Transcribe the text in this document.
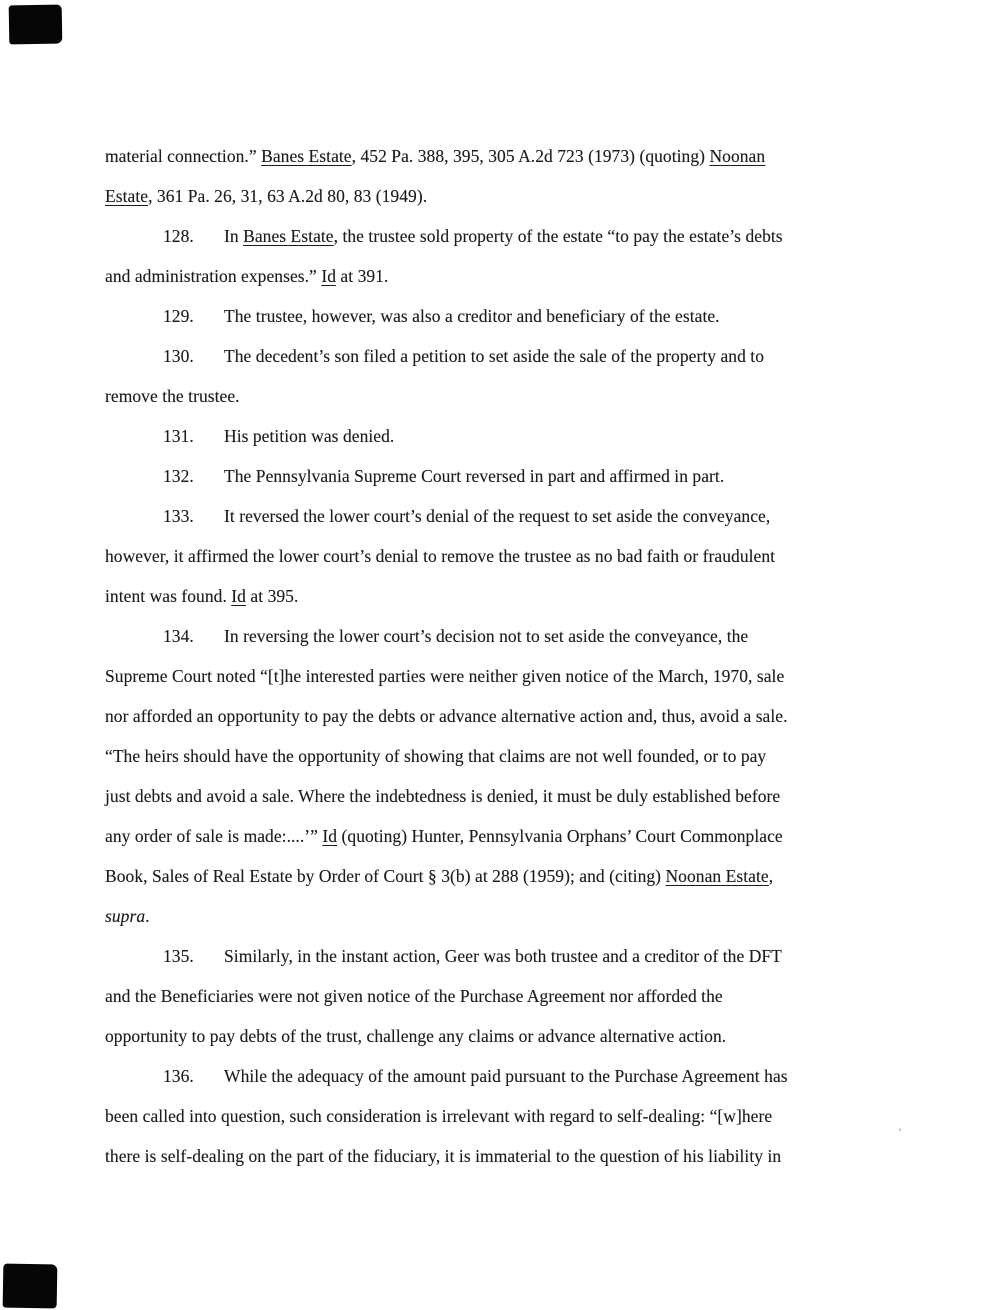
material connection.” Banes Estate, 452 Pa. 388, 395, 305 A.2d 723 (1973) (quoting) Noonan
Estate, 361 Pa. 26, 31, 63 A.2d 80, 83 (1949).
128. In Banes Estate, the trustee sold property of the estate “to pay the estate’s debts
and administration expenses.” Id at 391.
129. The trustee, however, was also a creditor and beneficiary of the estate.
130. The decedent’s son filed a petition to set aside the sale of the property and to
remove the trustee.
131. His petition was denied.
132. The Pennsylvania Supreme Court reversed in part and affirmed in part.
133. It reversed the lower court’s denial of the request to set aside the conveyance,
however, it affirmed the lower court’s denial to remove the trustee as no bad faith or fraudulent
intent was found. Id at 395.
134. In reversing the lower court’s decision not to set aside the conveyance, the
Supreme Court noted “[t]he interested parties were neither given notice of the March, 1970, sale
nor afforded an opportunity to pay the debts or advance alternative action and, thus, avoid a sale.
“The heirs should have the opportunity of showing that claims are not well founded, or to pay
just debts and avoid a sale. Where the indebtedness is denied, it must be duly established before
any order of sale is made:....’” Id (quoting) Hunter, Pennsylvania Orphans’ Court Commonplace
Book, Sales of Real Estate by Order of Court § 3(b) at 288 (1959); and (citing) Noonan Estate,
supra.
135. Similarly, in the instant action, Geer was both trustee and a creditor of the DFT
and the Beneficiaries were not given notice of the Purchase Agreement nor afforded the
opportunity to pay debts of the trust, challenge any claims or advance alternative action.
136. While the adequacy of the amount paid pursuant to the Purchase Agreement has
been called into question, such consideration is irrelevant with regard to self-dealing: “[w]here
there is self-dealing on the part of the fiduciary, it is immaterial to the question of his liability in
’
